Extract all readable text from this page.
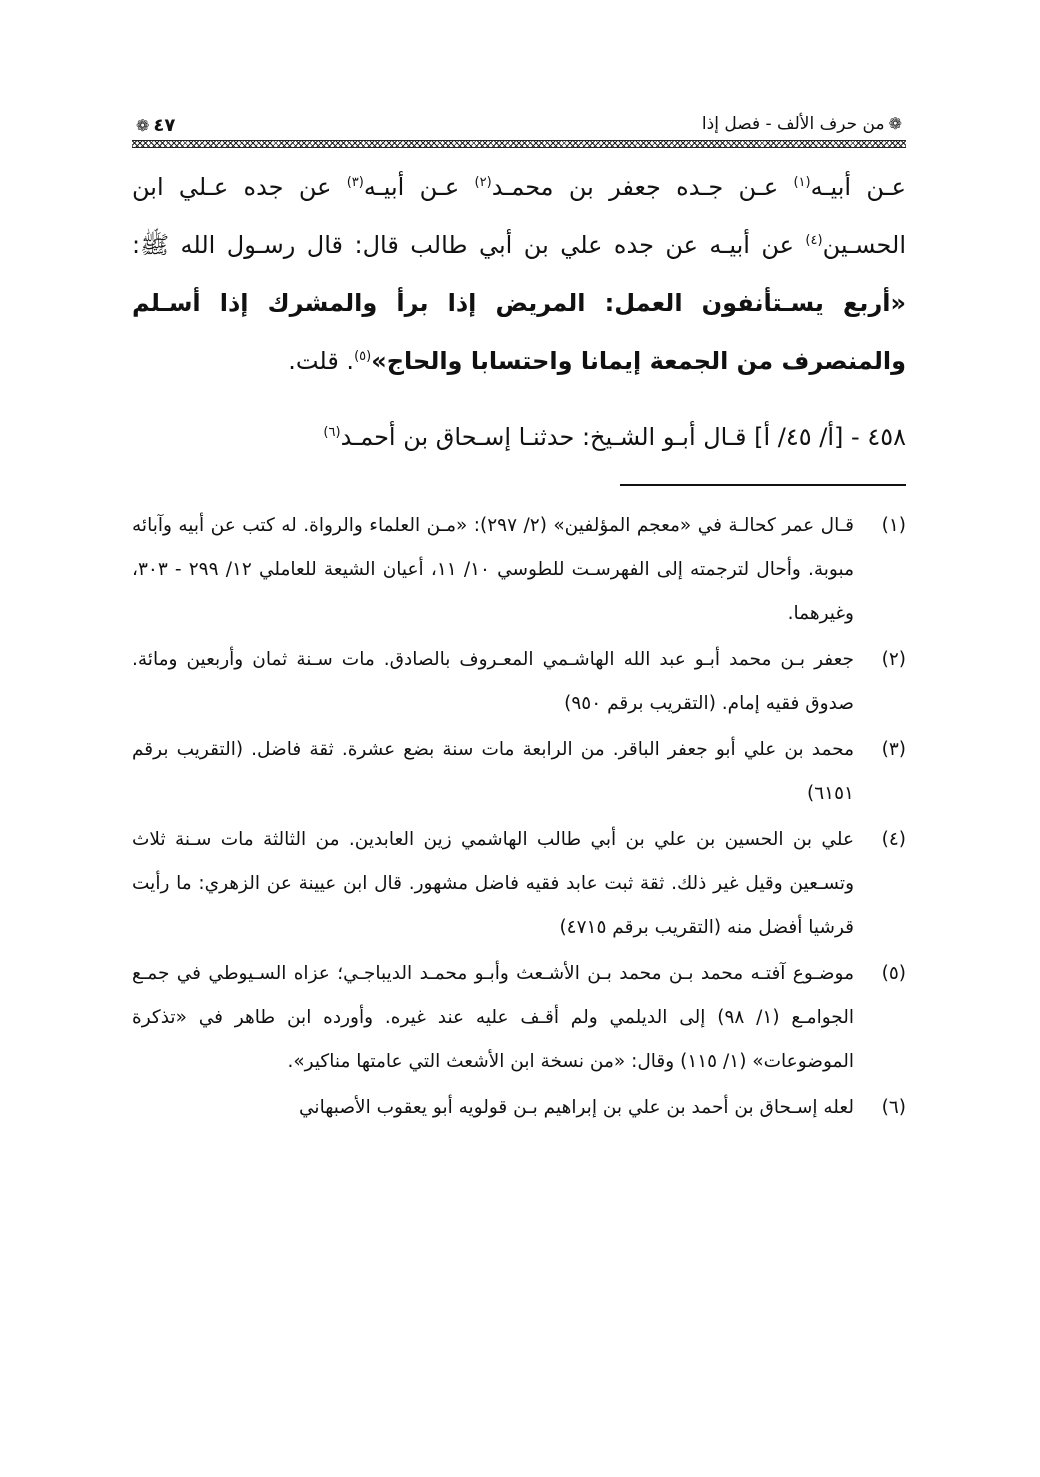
❁من حرف الألف - فصل إذا
٤٧❁

عـن أبيـه$^{(١)}$ عـن جـده جعفر بن محمـد$^{(٢)}$ عـن أبيـه$^{(٣)}$ عن جده عـلي ابن الحسـين$^{(٤)}$ عن أبيـه عن جده علي بن أبي طالب قال: قال رسـول الله ﷺ: «أربع يسـتأنفون العمل: المريض إذا برأ والمشرك إذا أسـلم والمنصرف من الجمعة إيمانا واحتسابا والحاج»$^{(٥)}$. قلت.

٤٥٨ - [أ/ ٤٥/ أ] قـال أبـو الشـيخ: حدثنـا إسـحاق بن أحمـد$^{(٦)}$
(١)
قـال عمر كحالـة في «معجم المؤلفين» (٢/ ٢٩٧): «مـن العلماء والرواة. له كتب عن أبيه وآبائه مبوبة. وأحال لترجمته إلى الفهرسـت للطوسي ١٠/ ١١، أعيان الشيعة للعاملي ١٢/ ٢٩٩ - ٣٠٣، وغيرهما.
(٢)
جعفر بـن محمد أبـو عبد الله الهاشـمي المعـروف بالصادق. مات سـنة ثمان وأربعين ومائة. صدوق فقيه إمام. (التقريب برقم ٩٥٠)
(٣)
محمد بن علي أبو جعفر الباقر. من الرابعة مات سنة بضع عشرة. ثقة فاضل. (التقريب برقم ٦١٥١)
(٤)
علي بن الحسين بن علي بن أبي طالب الهاشمي زين العابدين. من الثالثة مات سـنة ثلاث وتسـعين وقيل غير ذلك. ثقة ثبت عابد فقيه فاضل مشهور. قال ابن عيينة عن الزهري: ما رأيت قرشيا أفضل منه (التقريب برقم ٤٧١٥)
(٥)
موضـوع آفتـه محمد بـن محمد بـن الأشـعث وأبـو محمـد الديباجـي؛ عزاه السـيوطي في جمـع الجوامـع (١/ ٩٨) إلى الديلمي ولم أقـف عليه عند غيره. وأورده ابن طاهر في «تذكرة الموضوعات» (١/ ١١٥) وقال: «من نسخة ابن الأشعث التي عامتها مناكير».
(٦)
لعله إسـحاق بن أحمد بن علي بن إبراهيم بـن قولويه أبو يعقوب الأصبهاني
